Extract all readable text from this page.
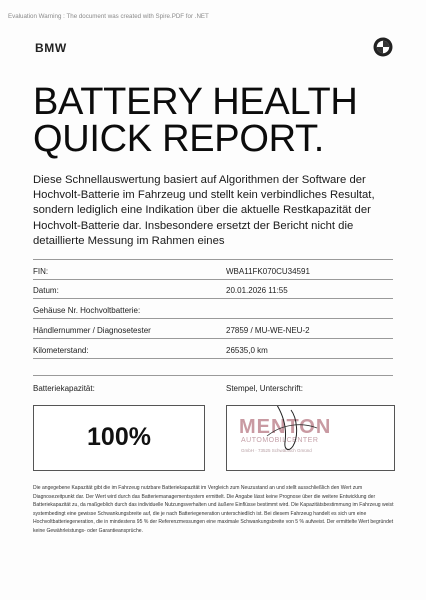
Evaluation Warning : The document was created with Spire.PDF for .NET
BMW
BATTERY HEALTH
QUICK REPORT.

Diese Schnellauswertung basiert auf Algorithmen der Software der Hochvolt-Batterie im Fahrzeug und stellt kein verbindliches Resultat, sondern lediglich eine Indikation über die aktuelle Restkapazität der Hochvolt-Batterie dar. Insbesondere ersetzt der Bericht nicht die detaillierte Messung im Rahmen eines

FIN:	WBA11FK070CU34591
Datum:	20.01.2026 11:55
Gehäuse Nr. Hochvoltbatterie:
Händlernummer / Diagnosetester	27859 / MU-WE-NEU-2
Kilometerstand:	26535,0 km
Batteriekapazität:
100%
Stempel, Unterschrift:
MENTON
AUTOMOBILCENTER
GmbH · 73525 Schwäbisch Gmünd

Die angegebene Kapazität gibt die im Fahrzeug nutzbare Batteriekapazität im Vergleich zum Neuzustand an und stellt ausschließlich den Wert zum Diagnosezeitpunkt dar. Der Wert wird durch das Batteriemanagementsystem ermittelt. Die Angabe lässt keine Prognose über die weitere Entwicklung der Batteriekapazität zu, da maßgeblich durch das individuelle Nutzungsverhalten und äußere Einflüsse bestimmt wird. Die Kapazitätsbestimmung im Fahrzeug weist systembedingt eine gewisse Schwankungsbreite auf, die je nach Batteriegeneration unterschiedlich ist. Bei diesem Fahrzeug handelt es sich um eine Hochvoltbatteriegeneration, die in mindestens 95 % der Referenzmessungen eine maximale Schwankungsbreite von 5 % aufweist. Der ermittelte Wert begründet keine Gewährleistungs- oder Garantieansprüche.
